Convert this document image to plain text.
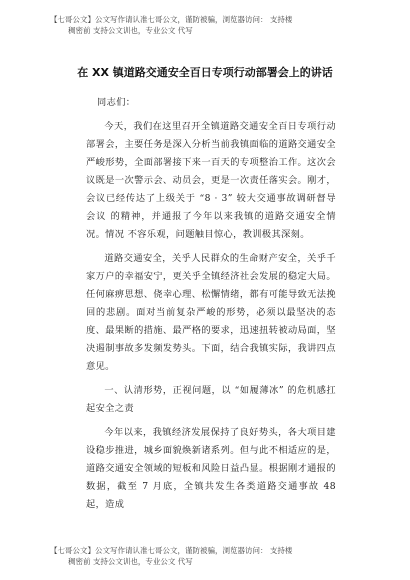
【七哥公文】公文写作请认准七哥公文，谨防被骗，浏览器访问： 支持楼
稠密前 支持公文训也，专业公文 代写
在 XX 镇道路交通安全百日专项行动部署会上的讲话

同志们：

今天，我们在这里召开全镇道路交通安全百日专项行动部署会，主要任务是深入分析当前我镇面临的道路交通安全严峻形势，全面部署接下来一百天的专项整治工作。这次会议既是一次警示会、动员会，更是一次责任落实会。刚才，会议已经传达了上级关于 “8 · 3” 较大交通事故调研督导会议 的精神，并通报了今年以来我镇的道路交通安全情况。情况 不容乐观，问题触目惊心，教训极其深刻。

道路交通安全，关乎人民群众的生命财产安全，关乎千家万户的幸福安宁，更关乎全镇经济社会发展的稳定大局。任何麻痹思想、侥幸心理、松懈情绪，都有可能导致无法挽回的悲剧。面对当前复杂严峻的形势，必须以最坚决的态度、最果断的措施、最严格的要求，迅速扭转被动局面，坚决遏制事故多发频发势头。下面，结合我镇实际，我讲四点意见。

一、认清形势，正视问题，以 “如履薄冰” 的危机感扛起安全之责

今年以来，我镇经济发展保持了良好势头，各大项目建设稳步推进，城乡面貌焕新诸系列。但与此不相适应的是，道路交通安全领域的短板和风险日益凸显。根据刚才通报的数据，截至 7 月底，全镇共发生各类道路交通事故 48 起，造成

【七哥公文】公文写作请认准七哥公文，谨防被骗，浏览器访问： 支持楼
稠密前 支持公文训也，专业公文 代写
